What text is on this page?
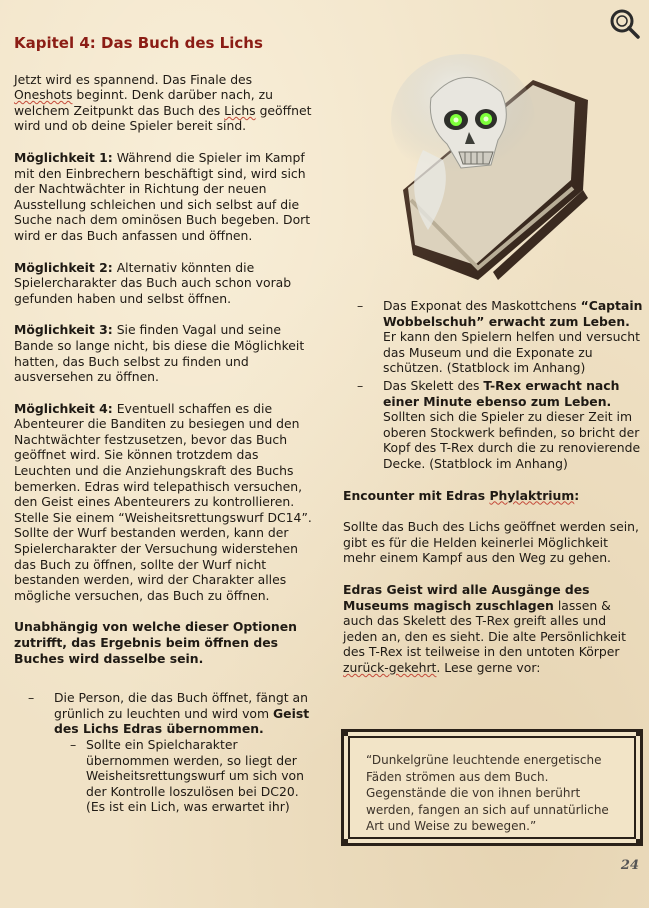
Kapitel 4: Das Buch des Lichs

Jetzt wird es spannend. Das Finale des Oneshots beginnt. Denk darüber nach, zu welchem Zeitpunkt das Buch des Lichs geöffnet wird und ob deine Spieler bereit sind.

Möglichkeit 1: Während die Spieler im Kampf mit den Einbrechern beschäftigt sind, wird sich der Nachtwächter in Richtung der neuen Ausstellung schleichen und sich selbst auf die Suche nach dem ominösen Buch begeben. Dort wird er das Buch anfassen und öffnen.

Möglichkeit 2: Alternativ könnten die Spielercharakter das Buch auch schon vorab gefunden haben und selbst öffnen.

Möglichkeit 3: Sie finden Vagal und seine Bande so lange nicht, bis diese die Möglichkeit hatten, das Buch selbst zu finden und ausversehen zu öffnen.

Möglichkeit 4: Eventuell schaffen es die Abenteurer die Banditen zu besiegen und den Nachtwächter festzusetzen, bevor das Buch geöffnet wird. Sie können trotzdem das Leuchten und die Anziehungskraft des Buchs bemerken. Edras wird telepathisch versuchen, den Geist eines Abenteurers zu kontrollieren. Stelle Sie einem “Weisheitsrettungswurf DC14”. Sollte der Wurf bestanden werden, kann der Spielercharakter der Versuchung widerstehen das Buch zu öffnen, sollte der Wurf nicht bestanden werden, wird der Charakter alles mögliche versuchen, das Buch zu öffnen.

Unabhängig von welche dieser Optionen zutrifft, das Ergebnis beim öffnen des Buches wird dasselbe sein.

– Die Person, die das Buch öffnet, fängt an grünlich zu leuchten und wird vom Geist des Lichs Edras übernommen.

– Sollte ein Spielcharakter übernommen werden, so liegt der Weisheitsrettungswurf um sich von der Kontrolle loszulösen bei DC20. (Es ist ein Lich, was erwartet ihr)

– Das Exponat des Maskottchens “Captain Wobbelschuh” erwacht zum Leben. Er kann den Spielern helfen und versucht das Museum und die Exponate zu schützen. (Statblock im Anhang)

– Das Skelett des T-Rex erwacht nach einer Minute ebenso zum Leben. Sollten sich die Spieler zu dieser Zeit im oberen Stockwerk befinden, so bricht der Kopf des T-Rex durch die zu renovierende Decke. (Statblock im Anhang)

Encounter mit Edras Phylaktrium:

Sollte das Buch des Lichs geöffnet werden sein, gibt es für die Helden keinerlei Möglichkeit mehr einem Kampf aus den Weg zu gehen.

Edras Geist wird alle Ausgänge des Museums magisch zuschlagen lassen & auch das Skelett des T-Rex greift alles und jeden an, den es sieht. Die alte Persönlichkeit des T-Rex ist teilweise in den untoten Körper zurück-gekehrt. Lese gerne vor:

“Dunkelgrüne leuchtende energetische Fäden strömen aus dem Buch. Gegenstände die von ihnen berührt werden, fangen an sich auf unnatürliche Art und Weise zu bewegen.”
24
